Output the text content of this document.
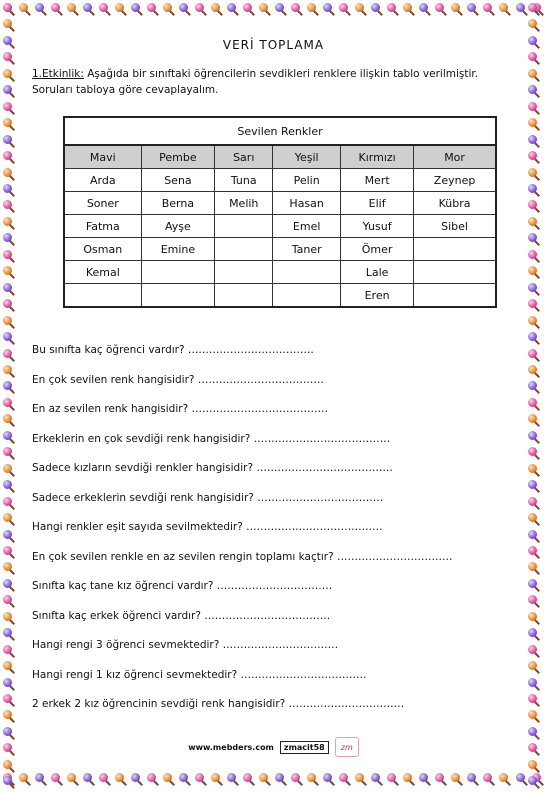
VERİ TOPLAMA
1.Etkinlik: Aşağıda bir sınıftaki öğrencilerin sevdikleri renklere ilişkin tablo verilmiştir. Soruları tabloya göre cevaplayalım.
Sevilen Renkler					
Mavi	Pembe	Sarı	Yeşil	Kırmızı	Mor
Arda	Sena	Tuna	Pelin	Mert	Zeynep
Soner	Berna	Melih	Hasan	Elif	Kübra
Fatma	Ayşe		Emel	Yusuf	Sibel
Osman	Emine		Taner	Ömer	
Kemal				Lale	
				Eren	
Bu sınıfta kaç öğrenci vardır? ………………………………
En çok sevilen renk hangisidir? ………………………………
En az sevilen renk hangisidir? …………………………………
Erkeklerin en çok sevdiği renk hangisidir? …………………………………
Sadece kızların sevdiği renkler hangisidir? …………………………………
Sadece erkeklerin sevdiği renk hangisidir? ………………………………
Hangi renkler eşit sayıda sevilmektedir? …………………………………
En çok sevilen renkle en az sevilen rengin toplamı kaçtır? ……………………………
Sınıfta kaç tane kız öğrenci vardır? ……………………………
Sınıfta kaç erkek öğrenci vardır? ………………………………
Hangi rengi 3 öğrenci sevmektedir? ……………………………
Hangi rengi 1 kız öğrenci sevmektedir? ………………………………
2 erkek 2 kız öğrencinin sevdiği renk hangisidir? ……………………………
www.mebders.com	zmacit58	zm
